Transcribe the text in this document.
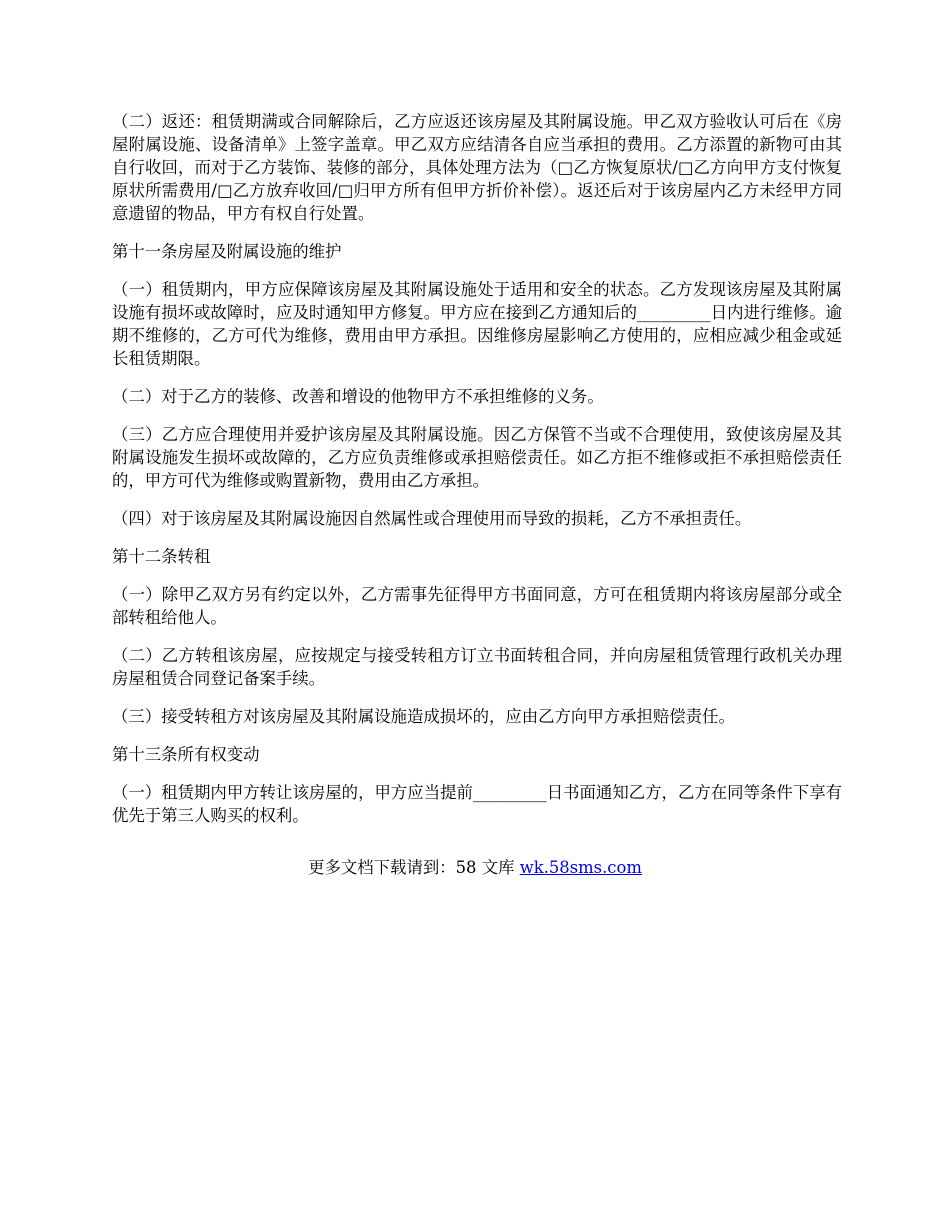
（二）返还：租赁期满或合同解除后，乙方应返还该房屋及其附属设施。甲乙双方验收认可后在《房屋附属设施、设备清单》上签字盖章。甲乙双方应结清各自应当承担的费用。乙方添置的新物可由其自行收回，而对于乙方装饰、装修的部分，具体处理方法为（□乙方恢复原状/□乙方向甲方支付恢复原状所需费用/□乙方放弃收回/□归甲方所有但甲方折价补偿）。返还后对于该房屋内乙方未经甲方同意遗留的物品，甲方有权自行处置。

第十一条房屋及附属设施的维护

（一）租赁期内，甲方应保障该房屋及其附属设施处于适用和安全的状态。乙方发现该房屋及其附属设施有损坏或故障时，应及时通知甲方修复。甲方应在接到乙方通知后的_________日内进行维修。逾期不维修的，乙方可代为维修，费用由甲方承担。因维修房屋影响乙方使用的，应相应减少租金或延长租赁期限。

（二）对于乙方的装修、改善和增设的他物甲方不承担维修的义务。

（三）乙方应合理使用并爱护该房屋及其附属设施。因乙方保管不当或不合理使用，致使该房屋及其附属设施发生损坏或故障的，乙方应负责维修或承担赔偿责任。如乙方拒不维修或拒不承担赔偿责任的，甲方可代为维修或购置新物，费用由乙方承担。

（四）对于该房屋及其附属设施因自然属性或合理使用而导致的损耗，乙方不承担责任。

第十二条转租

（一）除甲乙双方另有约定以外，乙方需事先征得甲方书面同意，方可在租赁期内将该房屋部分或全部转租给他人。

（二）乙方转租该房屋，应按规定与接受转租方订立书面转租合同，并向房屋租赁管理行政机关办理房屋租赁合同登记备案手续。

（三）接受转租方对该房屋及其附属设施造成损坏的，应由乙方向甲方承担赔偿责任。

第十三条所有权变动

（一）租赁期内甲方转让该房屋的，甲方应当提前_________日书面通知乙方，乙方在同等条件下享有优先于第三人购买的权利。

更多文档下载请到：58 文库 wk.58sms.com
